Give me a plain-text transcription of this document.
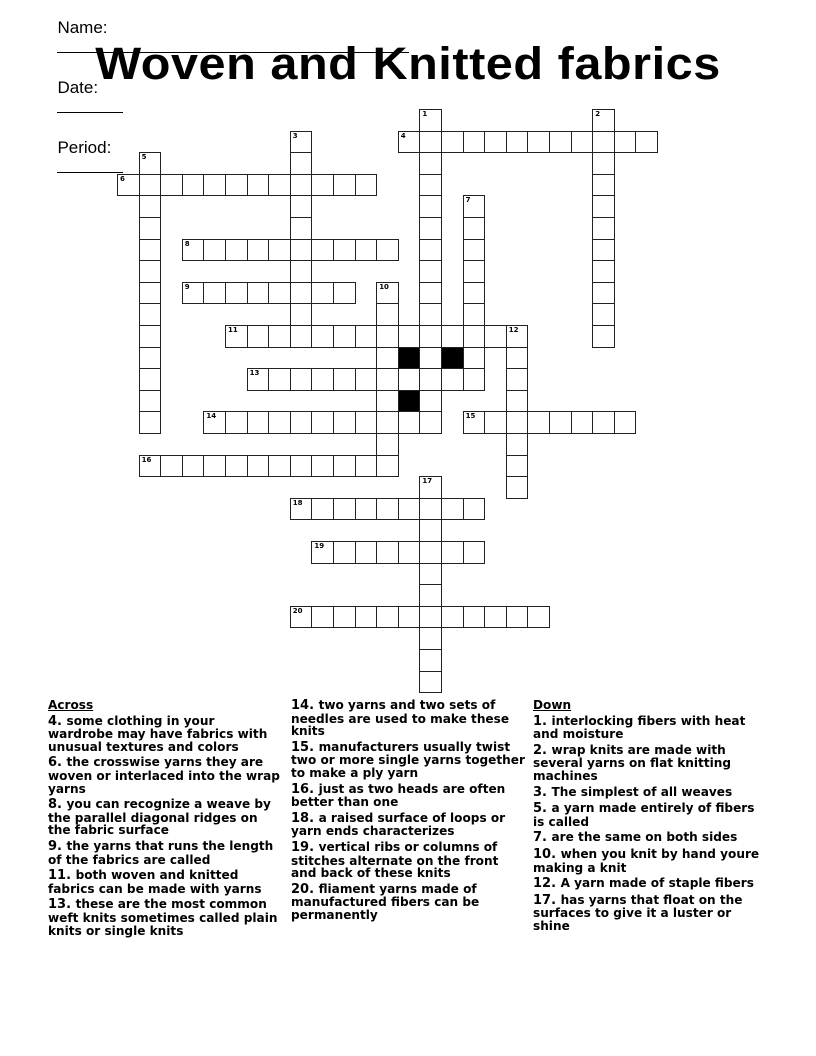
Name:

Date:

Period:

Woven and Knitted fabrics
1	2
3	4
5
6
7
8
9	10
11	12
13
14	15
16
17
18
19
20
Across
4. some clothing in your wardrobe may have fabrics with unusual textures and colors
6. the crosswise yarns they are woven or interlaced into the wrap yarns
8. you can recognize a weave by the parallel diagonal ridges on the fabric surface
9. the yarns that runs the length of the fabrics are called
11. both woven and knitted fabrics can be made with yarns
13. these are the most common weft knits sometimes called plain knits or single knits
14. two yarns and two sets of needles are used to make these knits
15. manufacturers usually twist two or more single yarns together to make a ply yarn
16. just as two heads are often better than one
18. a raised surface of loops or yarn ends characterizes
19. vertical ribs or columns of stitches alternate on the front and back of these knits
20. fliament yarns made of manufactured fibers can be permanently
Down
1. interlocking fibers with heat and moisture
2. wrap knits are made with several yarns on flat knitting machines
3. The simplest of all weaves
5. a yarn made entirely of fibers is called
7. are the same on both sides
10. when you knit by hand youre making a knit
12. A yarn made of staple fibers
17. has yarns that float on the surfaces to give it a luster or shine
